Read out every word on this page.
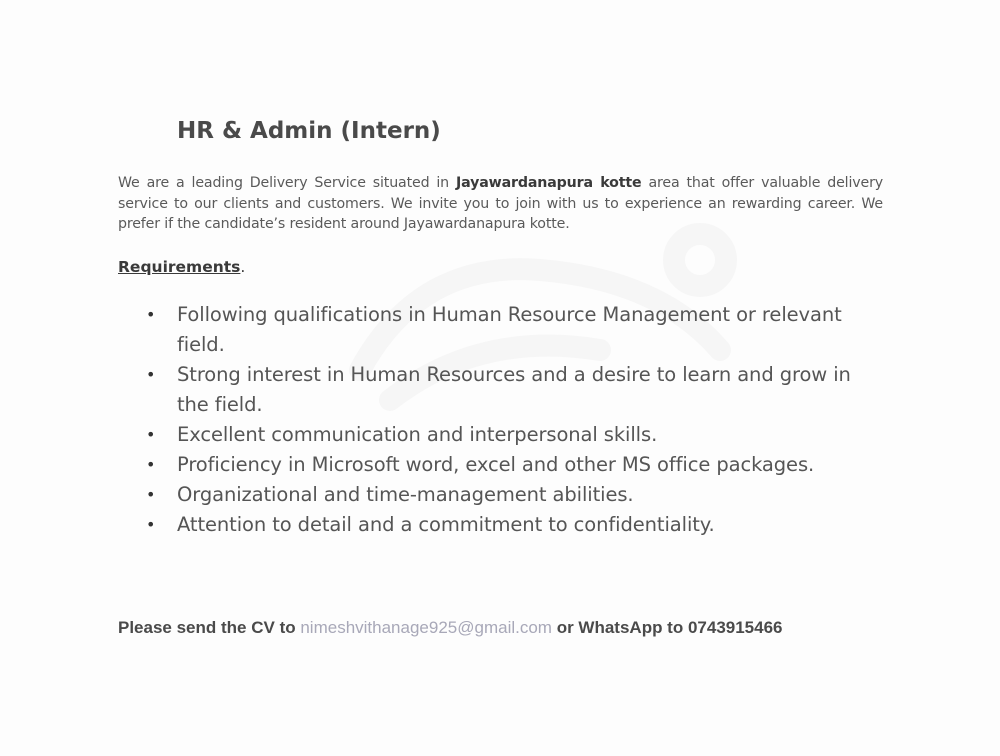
HR & Admin (Intern)

We are a leading Delivery Service situated in Jayawardanapura kotte area that offer valuable delivery service to our clients and customers. We invite you to join with us to experience an rewarding career. We prefer if the candidate’s resident around Jayawardanapura kotte.

Requirements.

• Following qualifications in Human Resource Management or relevant field.
• Strong interest in Human Resources and a desire to learn and grow in the field.
• Excellent communication and interpersonal skills.
• Proficiency in Microsoft word, excel and other MS office packages.
• Organizational and time-management abilities.
• Attention to detail and a commitment to confidentiality.

Please send the CV to nimeshvithanage925@gmail.com or WhatsApp to 0743915466
